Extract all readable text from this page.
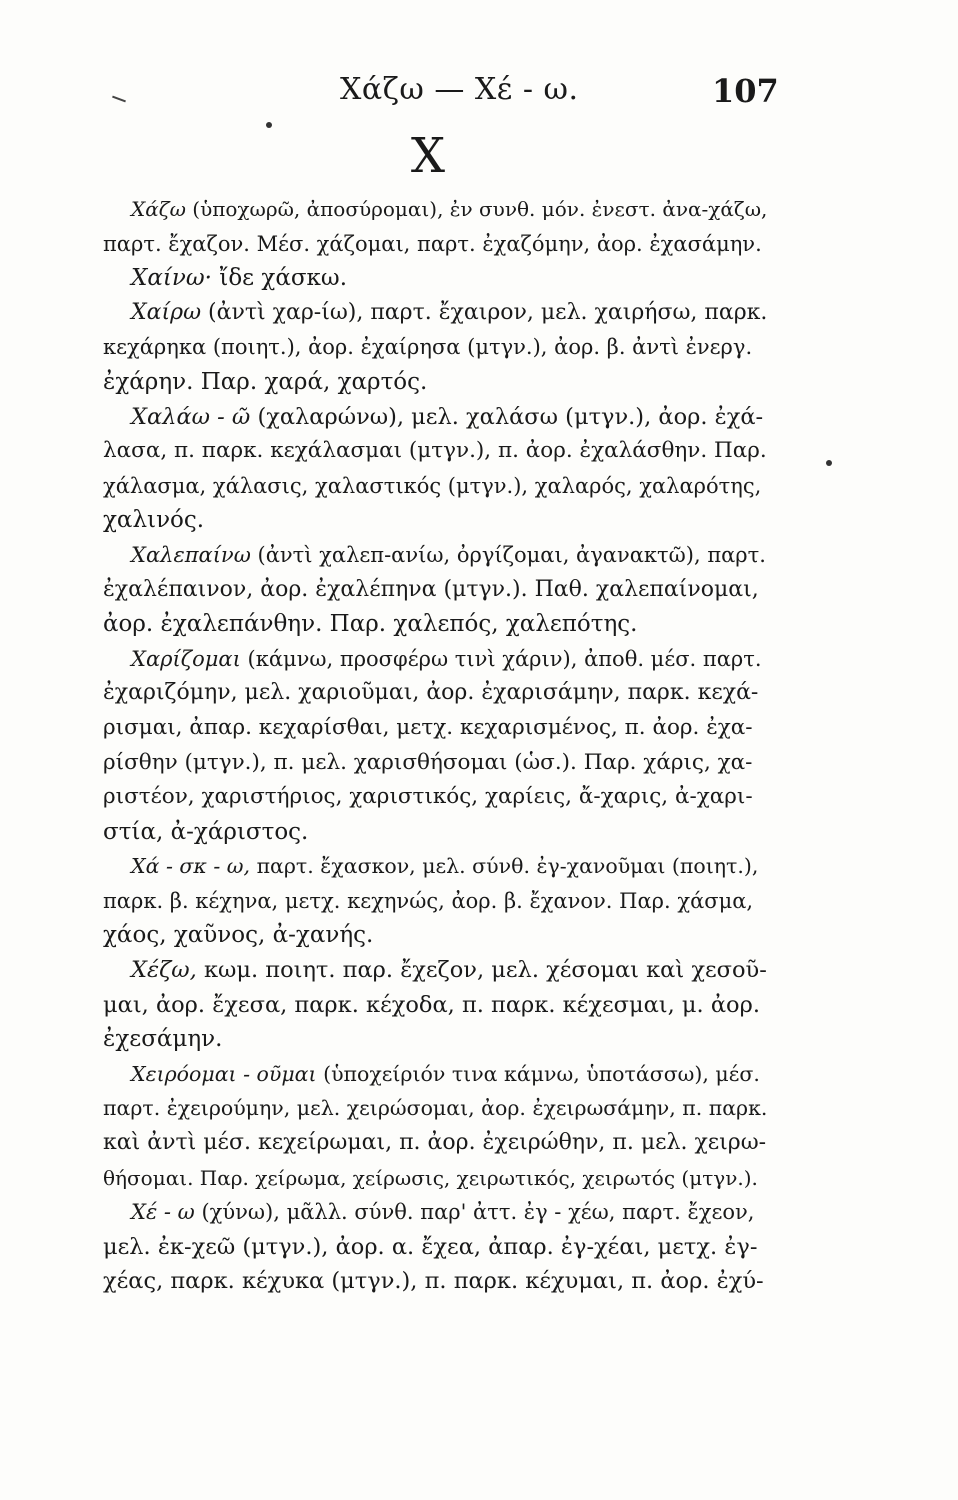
Χάζω — Χέ - ω.	107
Χ
Χάζω (ὑποχωρῶ, ἀποσύρομαι), ἐν συνθ. μόν. ἐνεστ. ἀνα-χάζω,
παρτ. ἔχαζον. Μέσ. χάζομαι, παρτ. ἐχαζόμην, ἀορ. ἐχασάμην.
Χαίνω· ἴδε χάσκω.
Χαίρω (ἀντὶ χαρ-ίω), παρτ. ἔχαιρον, μελ. χαιρήσω, παρκ.
κεχάρηκα (ποιητ.), ἀορ. ἐχαίρησα (μτγν.), ἀορ. β. ἀντὶ ἐνεργ.
ἐχάρην. Παρ. χαρά, χαρτός.
Χαλάω - ῶ (χαλαρώνω), μελ. χαλάσω (μτγν.), ἀορ. ἐχά-
λασα, π. παρκ. κεχάλασμαι (μτγν.), π. ἀορ. ἐχαλάσθην. Παρ.
χάλασμα, χάλασις, χαλαστικός (μτγν.), χαλαρός, χαλαρότης,
χαλινός.
Χαλεπαίνω (ἀντὶ χαλεπ-ανίω, ὀργίζομαι, ἀγανακτῶ), παρτ.
ἐχαλέπαινον, ἀορ. ἐχαλέπηνα (μτγν.). Παθ. χαλεπαίνομαι,
ἀορ. ἐχαλεπάνθην. Παρ. χαλεπός, χαλεπότης.
Χαρίζομαι (κάμνω, προσφέρω τινὶ χάριν), ἀποθ. μέσ. παρτ.
ἐχαριζόμην, μελ. χαριοῦμαι, ἀορ. ἐχαρισάμην, παρκ. κεχά-
ρισμαι, ἀπαρ. κεχαρίσθαι, μετχ. κεχαρισμένος, π. ἀορ. ἐχα-
ρίσθην (μτγν.), π. μελ. χαρισθήσομαι (ὡσ.). Παρ. χάρις, χα-
ριστέον, χαριστήριος, χαριστικός, χαρίεις, ἄ-χαρις, ἀ-χαρι-
στία, ἀ-χάριστος.
Χά - σκ - ω, παρτ. ἔχασκον, μελ. σύνθ. ἐγ-χανοῦμαι (ποιητ.),
παρκ. β. κέχηνα, μετχ. κεχηνώς, ἀορ. β. ἔχανον. Παρ. χάσμα,
χάος, χαῦνος, ἀ-χανής.
Χέζω, κωμ. ποιητ. παρ. ἔχεζον, μελ. χέσομαι καὶ χεσοῦ-
μαι, ἀορ. ἔχεσα, παρκ. κέχοδα, π. παρκ. κέχεσμαι, μ. ἀορ.
ἐχεσάμην.
Χειρόομαι - οῦμαι (ὑποχείριόν τινα κάμνω, ὑποτάσσω), μέσ.
παρτ. ἐχειρούμην, μελ. χειρώσομαι, ἀορ. ἐχειρωσάμην, π. παρκ.
καὶ ἀντὶ μέσ. κεχείρωμαι, π. ἀορ. ἐχειρώθην, π. μελ. χειρω-
θήσομαι. Παρ. χείρωμα, χείρωσις, χειρωτικός, χειρωτός (μτγν.).
Χέ - ω (χύνω), μᾶλλ. σύνθ. παρ' ἀττ. ἐγ - χέω, παρτ. ἔχεον,
μελ. ἐκ-χεῶ (μτγν.), ἀορ. α. ἔχεα, ἀπαρ. ἐγ-χέαι, μετχ. ἐγ-
χέας, παρκ. κέχυκα (μτγν.), π. παρκ. κέχυμαι, π. ἀορ. ἐχύ-
